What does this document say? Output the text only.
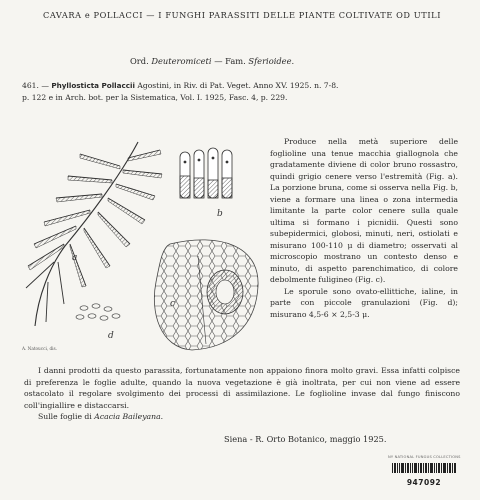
CAVARA e POLLACCI — I FUNGHI PARASSITI DELLE PIANTE COLTIVATE OD UTILI
Ord. Deuteromiceti — Fam. Sferioidee.
461. — Phyllosticta Pollaccii Agostini, in Riv. di Pat. Veget. Anno XV. 1925. n. 7-8.
p. 122 e in Arch. bot. per la Sistematica, Vol. I. 1925, Fasc. 4, p. 229.
a
b
c
d
A. Natoucci, dis.

Produce nella metà superiore delle foglioline una tenue macchia giallognola che gradatamente diviene di color bruno rossastro, quindi grigio cenere verso l'estremità (Fig. a). La porzione bruna, come si osserva nella Fig. b, viene a formare una linea o zona intermedia limitante la parte color cenere sulla quale ultima si formano i picnidii. Questi sono subepidermici, globosi, minuti, neri, ostiolati e misurano 100-110 μ di diametro; osservati al microscopio mostrano un contesto denso e minuto, di aspetto parenchimatico, di colore debolmente fuligineo (Fig. c).

Le sporule sono ovato-ellittiche, ialine, in parte con piccole granulazioni (Fig. d); misurano 4,5-6 × 2,5-3 μ.

I danni prodotti da questo parassita, fortunatamente non appaiono finora molto gravi. Essa infatti colpisce di preferenza le foglie adulte, quando la nuova vegetazione è già inoltrata, per cui non viene ad essere ostacolato il regolare svolgimento dei processi di assimilazione. Le foglioline invase dal fungo finiscono coll'ingiallire e distaccarsi.

Sulle foglie di Acacia Baileyana.

Siena - R. Orto Botanico, maggio 1925.
NY NATIONAL FUNGUS COLLECTIONS
947092
